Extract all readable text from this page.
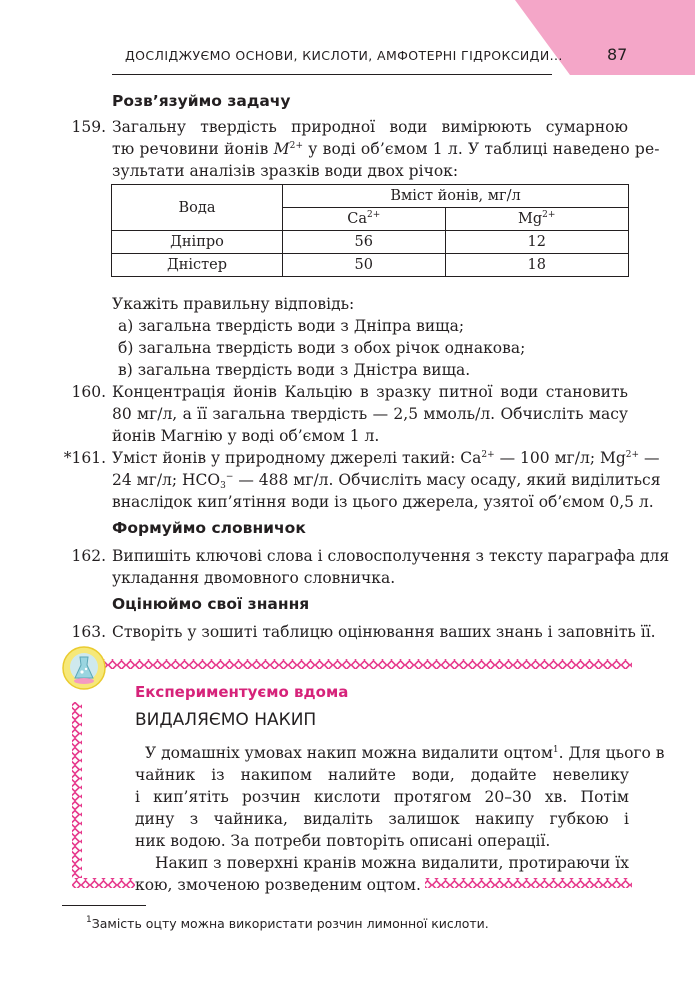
ДОСЛІДЖУЄМО ОСНОВИ, КИСЛОТИ, АМФОТЕРНІ ГІДРОКСИДИ...	87
Розв’язуймо задачу
159. Загальну твердість природної води вимірюють сумарною
тю речовини йонів $M^{2+}$ у воді об’ємом 1 л. У таблиці наведено ре-
зультати аналізів зразків води двох річок:
Вода	Вміст йонів, мг/л	
	$Ca^{2+}$	$Mg^{2+}$
Дніпро	56	12
Дністер	50	18
Укажіть правильну відповідь:
а) загальна твердість води з Дніпра вища;
б) загальна твердість води з обох річок однакова;
в) загальна твердість води з Дністра вища.
160. Концентрація йонів Кальцію в зразку питної води становить
80 мг/л, а її загальна твердість — 2,5 ммоль/л. Обчисліть масу
йонів Магнію у воді об’ємом 1 л.
*161. Уміст йонів у природному джерелі такий: $Ca^{2+}$ — 100 мг/л; $Mg^{2+}$ —
24 мг/л; $HCO_3^-$ — 488 мг/л. Обчисліть масу осаду, який виділиться
внаслідок кип’ятіння води із цього джерела, узятої об’ємом 0,5 л.
Формуймо словничок
162. Випишіть ключові слова і словосполучення з тексту параграфа для
укладання двомовного словничка.
Оцінюймо свої знання
163. Створіть у зошиті таблицю оцінювання ваших знань і заповніть її.
Експериментуємо вдома
ВИДАЛЯЄМО НАКИП
У домашніх умовах накип можна видалити оцтом$^1$. Для цього в
чайник із накипом налийте води, додайте невелику
і кип’ятіть розчин кислоти протягом 20–30 хв. Потім
дину з чайника, видаліть залишок накипу губкою і
ник водою. За потреби повторіть описані операції.
Накип з поверхні кранів можна видалити, протираючи їх
кою, змоченою розведеним оцтом.
$^1$Замість оцту можна використати розчин лимонної кислоти.
